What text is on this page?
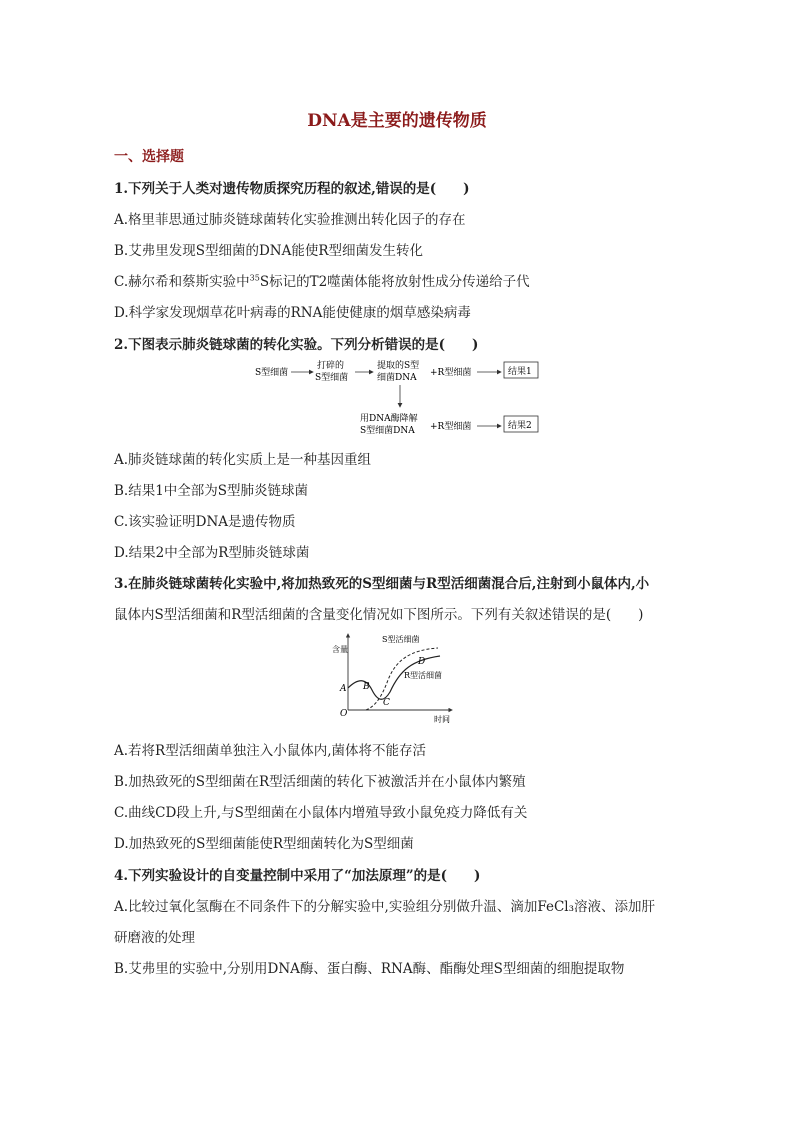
DNA是主要的遗传物质
一、选择题
1.下列关于人类对遗传物质探究历程的叙述,错误的是(　　)
A.格里菲思通过肺炎链球菌转化实验推测出转化因子的存在
B.艾弗里发现S型细菌的DNA能使R型细菌发生转化
C.赫尔希和蔡斯实验中$^{35}$S标记的T2噬菌体能将放射性成分传递给子代
D.科学家发现烟草花叶病毒的RNA能使健康的烟草感染病毒
2.下图表示肺炎链球菌的转化实验。下列分析错误的是(　　)
S型细菌
打碎的
S型细菌
提取的S型
细菌DNA +R型细菌	结果1
用DNA酶降解
S型细菌DNA +R型细菌	结果2
A.肺炎链球菌的转化实质上是一种基因重组
B.结果1中全部为S型肺炎链球菌
C.该实验证明DNA是遗传物质
D.结果2中全部为R型肺炎链球菌
3.在肺炎链球菌转化实验中,将加热致死的S型细菌与R型活细菌混合后,注射到小鼠体内,小
鼠体内S型活细菌和R型活细菌的含量变化情况如下图所示。下列有关叙述错误的是(　　)
含量
时间
O
A B
C
D
S型活细菌
R型活细菌
A.若将R型活细菌单独注入小鼠体内,菌体将不能存活
B.加热致死的S型细菌在R型活细菌的转化下被激活并在小鼠体内繁殖
C.曲线CD段上升,与S型细菌在小鼠体内增殖导致小鼠免疫力降低有关
D.加热致死的S型细菌能使R型细菌转化为S型细菌
4.下列实验设计的自变量控制中采用了“加法原理”的是(　　)
A.比较过氧化氢酶在不同条件下的分解实验中,实验组分别做升温、滴加FeCl₃溶液、添加肝
研磨液的处理
B.艾弗里的实验中,分别用DNA酶、蛋白酶、RNA酶、酯酶处理S型细菌的细胞提取物
